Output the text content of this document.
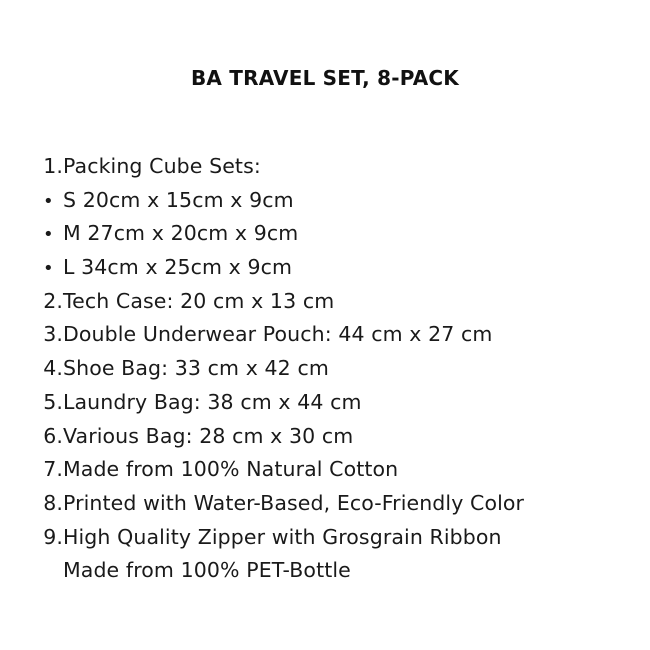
BA TRAVEL SET, 8-PACK
1. Packing Cube Sets:
• S 20cm x 15cm x 9cm
• M 27cm x 20cm x 9cm
• L 34cm x 25cm x 9cm
2. Tech Case: 20 cm x 13 cm
3. Double Underwear Pouch: 44 cm x 27 cm
4. Shoe Bag: 33 cm x 42 cm
5. Laundry Bag: 38 cm x 44 cm
6. Various Bag: 28 cm x 30 cm
7. Made from 100% Natural Cotton
8. Printed with Water-Based, Eco-Friendly Color
9. High Quality Zipper with Grosgrain Ribbon
Made from 100% PET-Bottle
